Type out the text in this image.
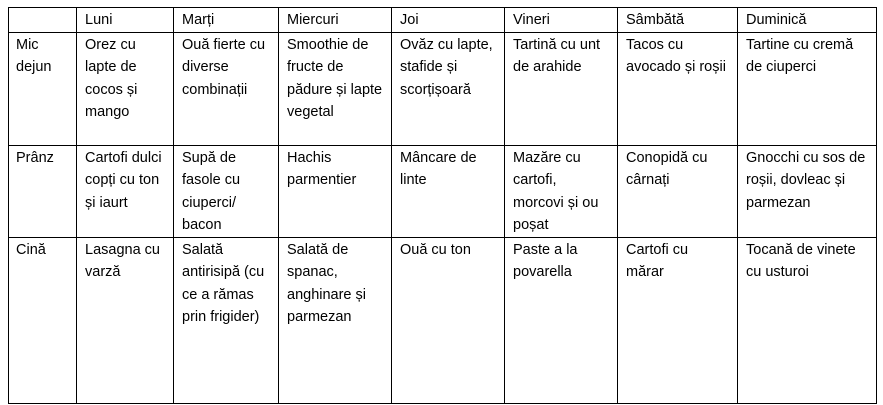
	Luni	Marți	Miercuri	Joi	Vineri	Sâmbătă	Duminică
Mic dejun	Orez cu lapte de cocos și mango	Ouă fierte cu diverse combinații	Smoothie de fructe de pădure și lapte vegetal	Ovăz cu lapte, stafide și scorțișoară	Tartină cu unt de arahide	Tacos cu avocado și roșii	Tartine cu cremă de ciuperci
Prânz	Cartofi dulci copți cu ton și iaurt	Supă de fasole cu ciuperci/ bacon	Hachis parmentier	Mâncare de linte	Mazăre cu cartofi, morcovi și ou poșat	Conopidă cu cârnați	Gnocchi cu sos de roșii, dovleac și parmezan
Cină	Lasagna cu varză	Salată antirisipă (cu ce a rămas prin frigider)	Salată de spanac, anghinare și parmezan	Ouă cu ton	Paste a la povarella	Cartofi cu mărar	Tocană de vinete cu usturoi
